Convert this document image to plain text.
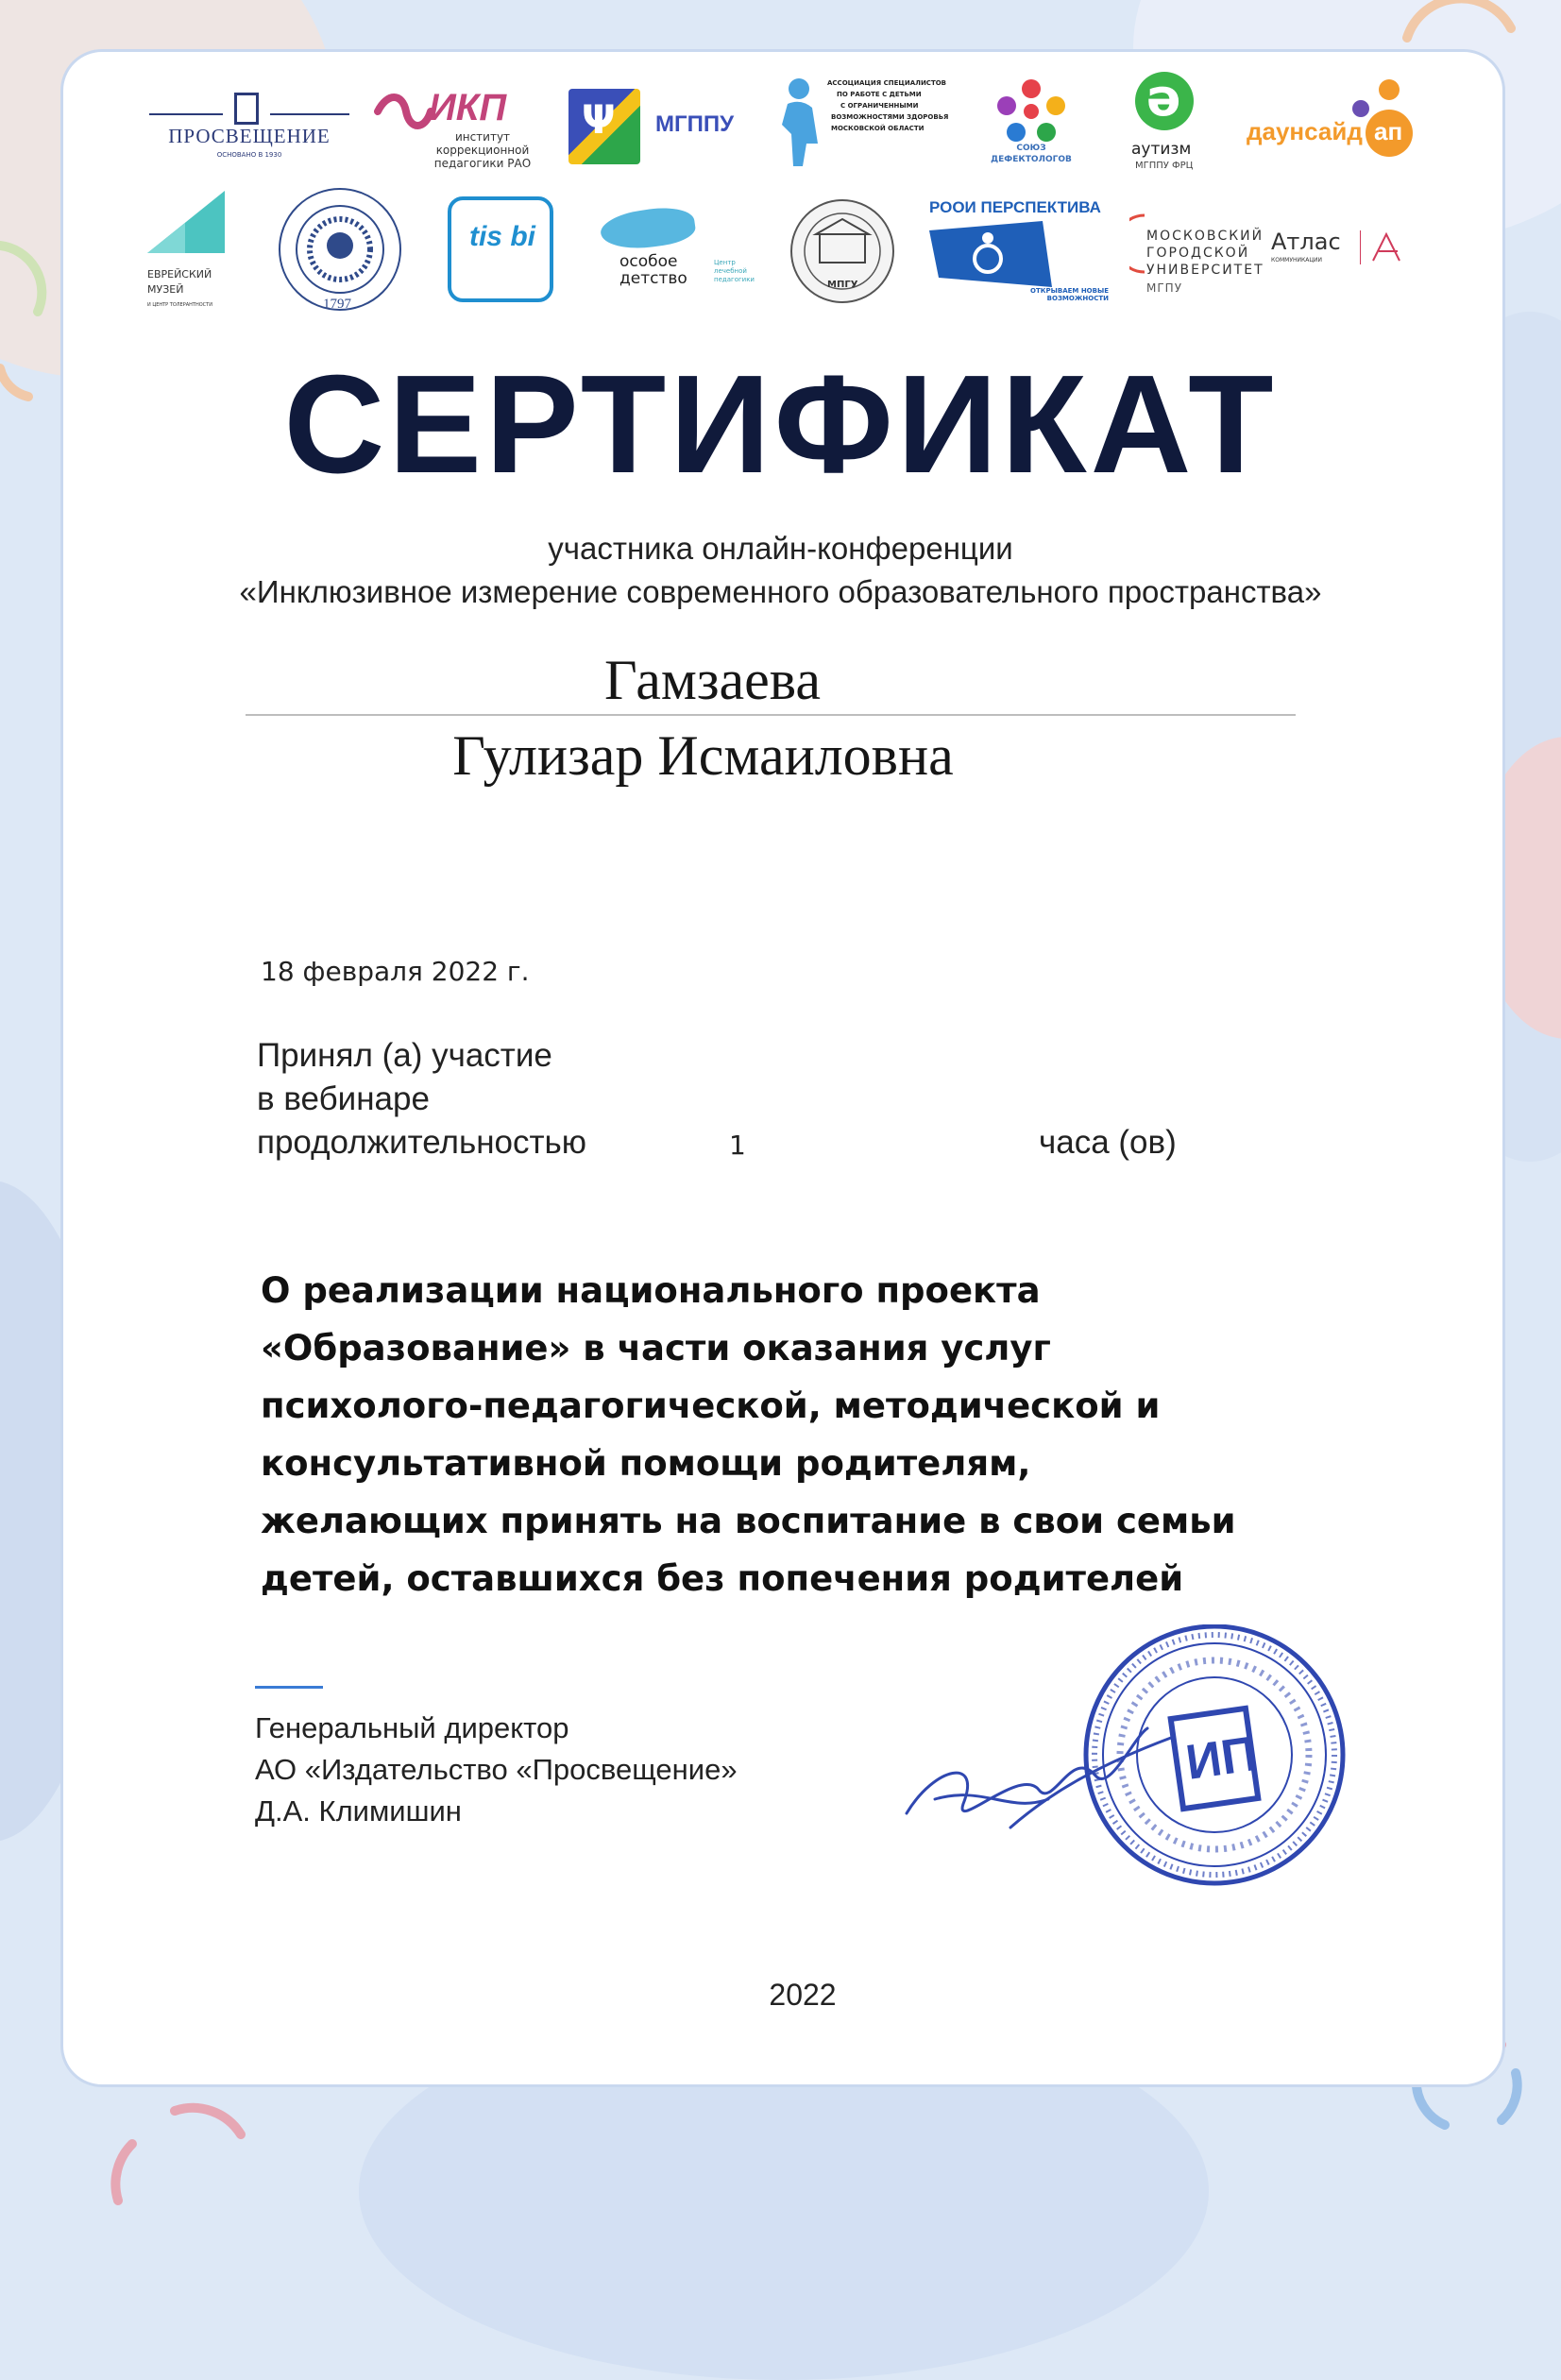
ПРОСВЕЩЕНИЕ
ОСНОВАНО В 1930
ИКП
институт
коррекционной
педагогики РАО
Ψ МГППУ
АССОЦИАЦИЯ СПЕЦИАЛИСТОВ
ПО РАБОТЕ С ДЕТЬМИ
С ОГРАНИЧЕННЫМИ
ВОЗМОЖНОСТЯМИ ЗДОРОВЬЯ
МОСКОВСКОЙ ОБЛАСТИ
СОЮЗ
ДЕФЕКТОЛОГОВ
ə
аутизм
МГППУ ФРЦ
даунсайд ап
ЕВРЕЙСКИЙ
МУЗЕЙ
И ЦЕНТР ТОЛЕРАНТНОСТИ	1797
tis bi
особое детство
Центр лечебной педагогики	МПГУ
РООИ ПЕРСПЕКТИВА
ОТКРЫВАЕМ НОВЫЕ ВОЗМОЖНОСТИ
МОСКОВСКИЙ
ГОРОДСКОЙ
УНИВЕРСИТЕТ
МГПУ
Атлас
КОММУНИКАЦИИ
СЕРТИФИКАТ
участника онлайн-конференции
«Инклюзивное измерение современного образовательного пространства»
Гамзаева
Гулизар Исмаиловна
18 февраля 2022 г.
Принял (а) участие
в вебинаре
продолжительностью	1	часа (ов)
О реализации национального проекта
«Образование» в части оказания услуг
психолого-педагогической, методической и
консультативной помощи родителям,
желающих принять на воспитание в свои семьи
детей, оставшихся без попечения родителей
Генеральный директор
АО «Издательство «Просвещение»
Д.А. Климишин
ИП
2022
